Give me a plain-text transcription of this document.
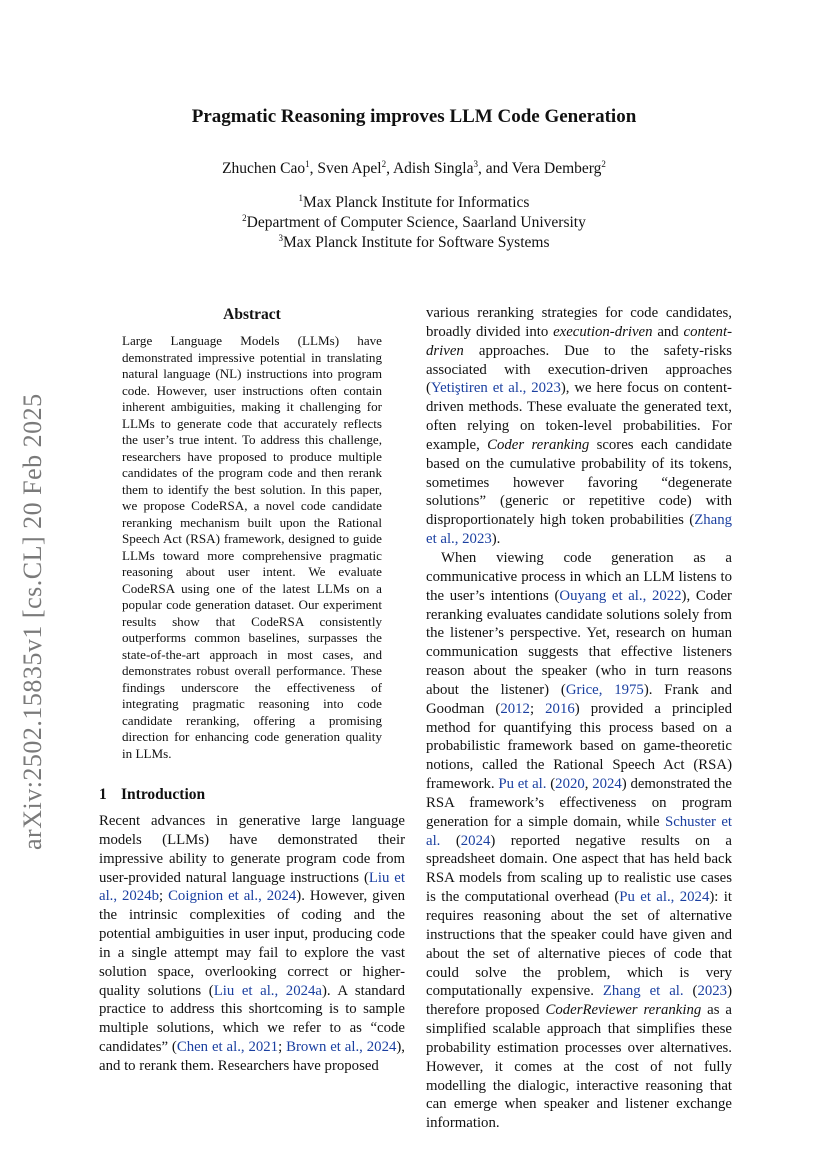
Pragmatic Reasoning improves LLM Code Generation
Zhuchen Cao$^1$, Sven Apel$^2$, Adish Singla$^3$, and Vera Demberg$^2$
$^1$Max Planck Institute for Informatics
$^2$Department of Computer Science, Saarland University
$^3$Max Planck Institute for Software Systems
arXiv:2502.15835v1 [cs.CL] 20 Feb 2025
Abstract

Large Language Models (LLMs) have demonstrated impressive potential in translating natural language (NL) instructions into program code. However, user instructions often contain inherent ambiguities, making it challenging for LLMs to generate code that accurately reflects the user’s true intent. To address this challenge, researchers have proposed to produce multiple candidates of the program code and then rerank them to identify the best solution. In this paper, we propose CodeRSA, a novel code candidate reranking mechanism built upon the Rational Speech Act (RSA) framework, designed to guide LLMs toward more comprehensive pragmatic reasoning about user intent. We evaluate CodeRSA using one of the latest LLMs on a popular code generation dataset. Our experiment results show that CodeRSA consistently outperforms common baselines, surpasses the state-of-the-art approach in most cases, and demonstrates robust overall performance. These findings underscore the effectiveness of integrating pragmatic reasoning into code candidate reranking, offering a promising direction for enhancing code generation quality in LLMs.

1 Introduction

Recent advances in generative large language models (LLMs) have demonstrated their impressive ability to generate program code from user-provided natural language instructions (Liu et al., 2024b; Coignion et al., 2024). However, given the intrinsic complexities of coding and the potential ambiguities in user input, producing code in a single attempt may fail to explore the vast solution space, overlooking correct or higher-quality solutions (Liu et al., 2024a). A standard practice to address this shortcoming is to sample multiple solutions, which we refer to as “code candidates” (Chen et al., 2021; Brown et al., 2024), and to rerank them. Researchers have proposed

various reranking strategies for code candidates, broadly divided into execution-driven and content-driven approaches. Due to the safety-risks associated with execution-driven approaches (Yetiştiren et al., 2023), we here focus on content-driven methods. These evaluate the generated text, often relying on token-level probabilities. For example, Coder reranking scores each candidate based on the cumulative probability of its tokens, sometimes however favoring “degenerate solutions” (generic or repetitive code) with disproportionately high token probabilities (Zhang et al., 2023).

When viewing code generation as a communicative process in which an LLM listens to the user’s intentions (Ouyang et al., 2022), Coder reranking evaluates candidate solutions solely from the listener’s perspective. Yet, research on human communication suggests that effective listeners reason about the speaker (who in turn reasons about the listener) (Grice, 1975). Frank and Goodman (2012; 2016) provided a principled method for quantifying this process based on a probabilistic framework based on game-theoretic notions, called the Rational Speech Act (RSA) framework. Pu et al. (2020, 2024) demonstrated the RSA framework’s effectiveness on program generation for a simple domain, while Schuster et al. (2024) reported negative results on a spreadsheet domain. One aspect that has held back RSA models from scaling up to realistic use cases is the computational overhead (Pu et al., 2024): it requires reasoning about the set of alternative instructions that the speaker could have given and about the set of alternative pieces of code that could solve the problem, which is very computationally expensive. Zhang et al. (2023) therefore proposed CoderReviewer reranking as a simplified scalable approach that simplifies these probability estimation processes over alternatives. However, it comes at the cost of not fully modelling the dialogic, interactive reasoning that can emerge when speaker and listener exchange information.
